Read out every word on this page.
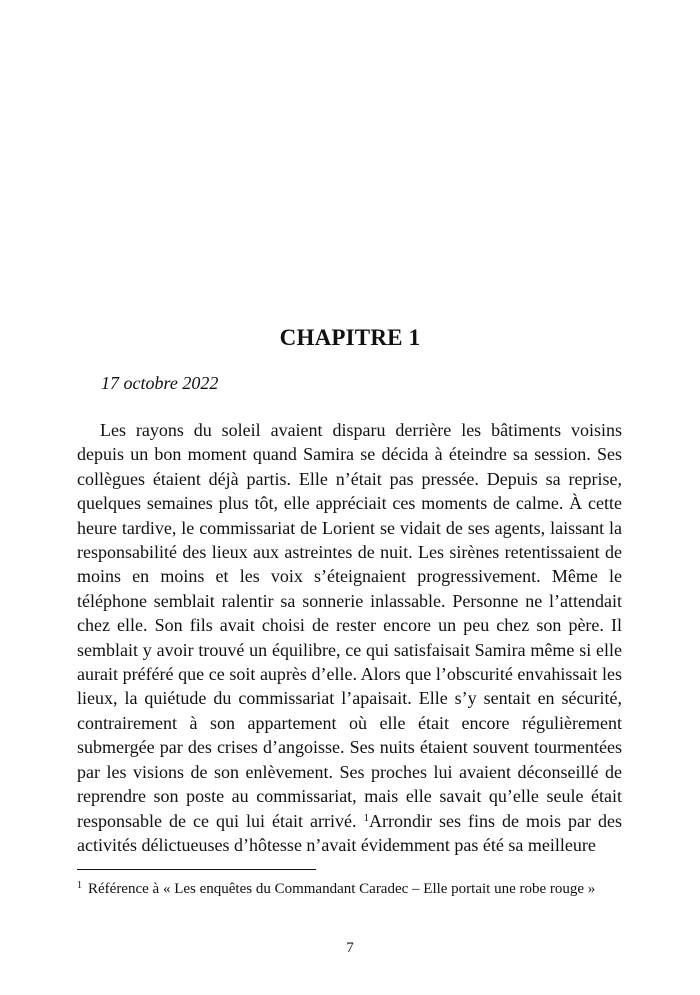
CHAPITRE 1

17 octobre 2022

Les rayons du soleil avaient disparu derrière les bâtiments voisins depuis un bon moment quand Samira se décida à éteindre sa session. Ses collègues étaient déjà partis. Elle n’était pas pressée. Depuis sa reprise, quelques semaines plus tôt, elle appréciait ces moments de calme. À cette heure tardive, le commissariat de Lorient se vidait de ses agents, laissant la responsabilité des lieux aux astreintes de nuit. Les sirènes retentissaient de moins en moins et les voix s’éteignaient progressivement. Même le téléphone semblait ralentir sa sonnerie inlassable. Personne ne l’attendait chez elle. Son fils avait choisi de rester encore un peu chez son père. Il semblait y avoir trouvé un équilibre, ce qui satisfaisait Samira même si elle aurait préféré que ce soit auprès d’elle. Alors que l’obscurité envahissait les lieux, la quiétude du commissariat l’apaisait. Elle s’y sentait en sécurité, contrairement à son appartement où elle était encore régulièrement submergée par des crises d’angoisse. Ses nuits étaient souvent tourmentées par les visions de son enlèvement. Ses proches lui avaient déconseillé de reprendre son poste au commissariat, mais elle savait qu’elle seule était responsable de ce qui lui était arrivé. $^1$Arrondir ses fins de mois par des activités délictueuses d’hôtesse n’avait évidemment pas été sa meilleure

$^1$ Référence à « Les enquêtes du Commandant Caradec – Elle portait une robe rouge »

7
